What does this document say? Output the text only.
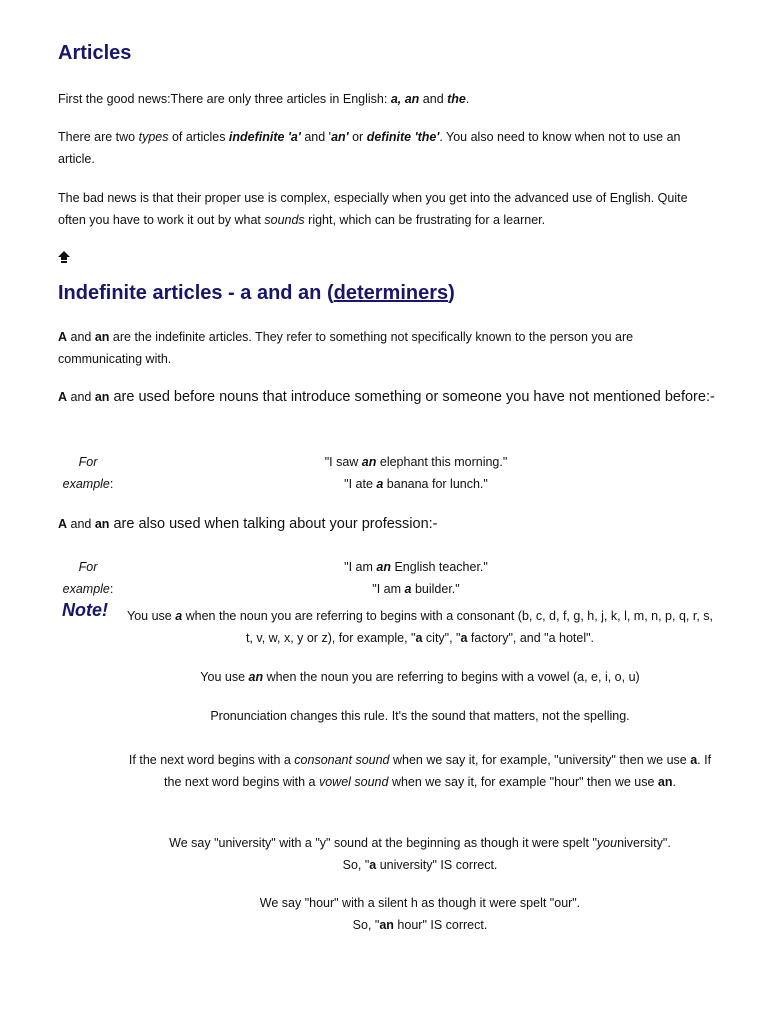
Articles

First the good news:There are only three articles in English: a, an and the.

There are two types of articles indefinite 'a' and 'an' or definite 'the'. You also need to know when not to use an article.

The bad news is that their proper use is complex, especially when you get into the advanced use of English. Quite often you have to work it out by what sounds right, which can be frustrating for a learner.

Indefinite articles - a and an (determiners)

A and an are the indefinite articles. They refer to something not specifically known to the person you are communicating with.

A and an are used before nouns that introduce something or someone you have not mentioned before:-

For
example:
"I saw an elephant this morning."
"I ate a banana for lunch."

A and an are also used when talking about your profession:-

For
example:
"I am an English teacher."
"I am a builder."
Note! You use a when the noun you are referring to begins with a consonant (b, c, d, f, g, h, j, k, l, m, n, p, q, r, s, t, v, w, x, y or z), for example, "a city", "a factory", and "a hotel".

You use an when the noun you are referring to begins with a vowel (a, e, i, o, u)

Pronunciation changes this rule. It's the sound that matters, not the spelling.

If the next word begins with a consonant sound when we say it, for example, "university" then we use a. If the next word begins with a vowel sound when we say it, for example "hour" then we use an.

We say "university" with a "y" sound at the beginning as though it were spelt "youniversity".
So, "a university" IS correct.

We say "hour" with a silent h as though it were spelt "our".
So, "an hour" IS correct.
